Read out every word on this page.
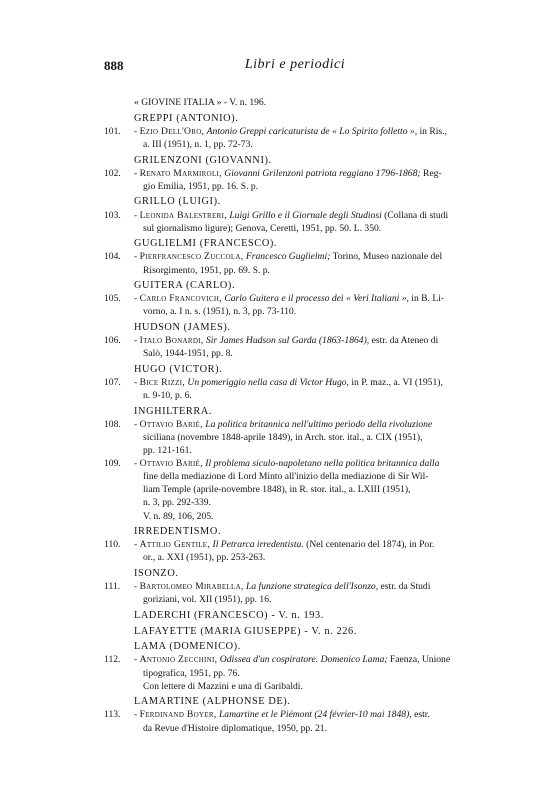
888	Libri e periodici
« GIOVINE ITALIA » - V. n. 196.
GREPPI (ANTONIO).
101. - Ezio Dell'Oro, Antonio Greppi caricaturista de « Lo Spirito folletto », in Ris.,
a. III (1951), n. 1, pp. 72-73.
GRILENZONI (GIOVANNI).
102. - Renato Marmiroli, Giovanni Grilenzoni patriota reggiano 1796-1868; Reg-
gio Emilia, 1951, pp. 16. S. p.
GRILLO (LUIGI).
103. - Leonida Balestreri, Luigi Grillo e il Giornale degli Studiosi (Collana di studi
sul giornalismo ligure); Genova, Ceretti, 1951, pp. 50. L. 350.
GUGLIELMI (FRANCESCO).
104. - Pierfrancesco Zuccola, Francesco Guglielmi; Torino, Museo nazionale del
Risorgimento, 1951, pp. 69. S. p.
GUITERA (CARLO).
105. - Carlo Francovich, Carlo Guitera e il processo dei « Veri Italiani », in B. Li-
vorno, a. I n. s. (1951), n. 3, pp. 73-110.
HUDSON (JAMES).
106. - Italo Bonardi, Sir James Hudson sul Garda (1863-1864), estr. da Ateneo di
Salò, 1944-1951, pp. 8.
HUGO (VICTOR).
107. - Bice Rizzi, Un pomeriggio nella casa di Victor Hugo, in P. maz., a. VI (1951),
n. 9-10, p. 6.
INGHILTERRA.
108. - Ottavio Barié, La politica britannica nell'ultimo periodo della rivoluzione
siciliana (novembre 1848-aprile 1849), in Arch. stor. ital., a. CIX (1951),
pp. 121-161.
109. - Ottavio Barié, Il problema siculo-napoletano nella politica britannica dalla
fine della mediazione di Lord Minto all'inizio della mediazione di Sir Wil-
liam Temple (aprile-novembre 1848), in R. stor. ital., a. LXIII (1951),
n. 3, pp. 292-339.
V. n. 89, 106, 205.
IRREDENTISMO.
110. - Attilio Gentile, Il Petrarca irredentista. (Nel centenario del 1874), in Por.
or., a. XXI (1951), pp. 253-263.
ISONZO.
111. - Bartolomeo Mirabella, La funzione strategica dell'Isonzo, estr. da Studi
goriziani, vol. XII (1951), pp. 16.
LADERCHI (FRANCESCO) - V. n. 193.
LAFAYETTE (MARIA GIUSEPPE) - V. n. 226.
LAMA (DOMENICO).
112. - Antonio Zecchini, Odissea d'un cospiratore. Domenico Lama; Faenza, Unione
tipografica, 1951, pp. 76.
Con lettere di Mazzini e una di Garibaldi.
LAMARTINE (ALPHONSE DE).
113. - Ferdinand Boyer, Lamartine et le Piémont (24 février-10 mai 1848), estr.
da Revue d'Histoire diplomatique, 1950, pp. 21.
